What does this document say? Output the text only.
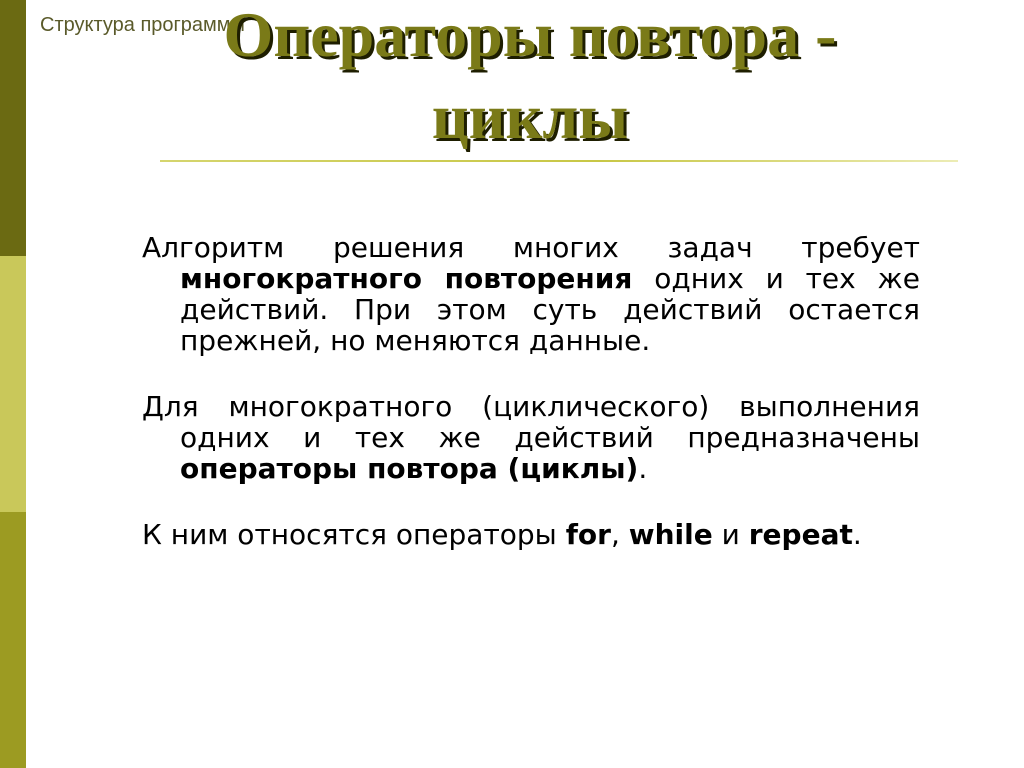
Структура программы
Операторы повтора -
циклы

Алгоритм решения многих задач требует многократного повторения одних и тех же действий. При этом суть действий остается прежней, но меняются данные.

Для многократного (циклического) выполнения одних и тех же действий предназначены операторы повтора (циклы).

К ним относятся операторы for, while и repeat.
